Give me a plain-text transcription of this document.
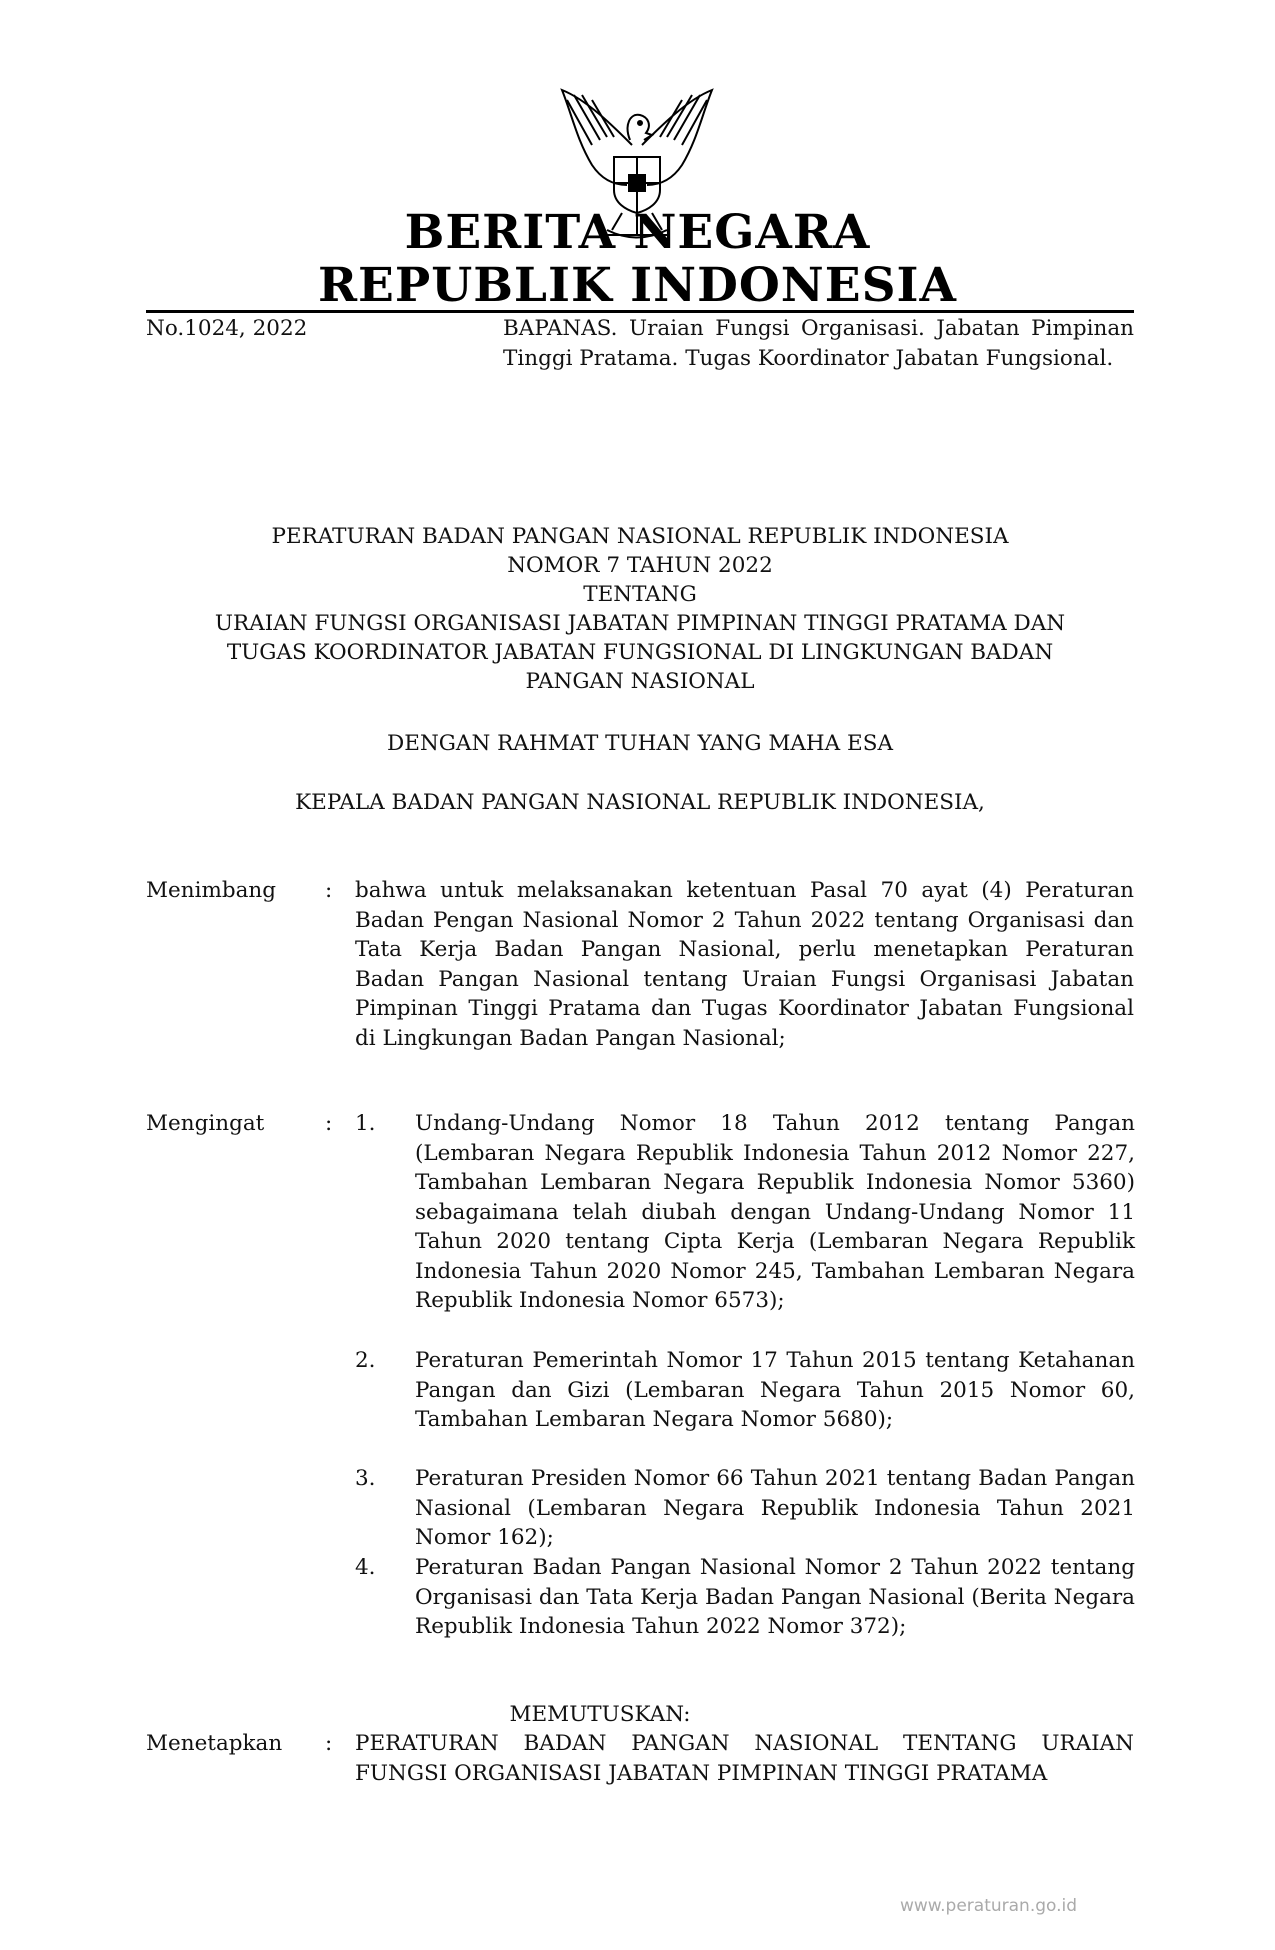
BERITA NEGARA
REPUBLIK INDONESIA
No.1024, 2022	BAPANAS. Uraian Fungsi Organisasi. Jabatan Pimpinan Tinggi Pratama. Tugas Koordinator Jabatan Fungsional.
PERATURAN BADAN PANGAN NASIONAL REPUBLIK INDONESIA
NOMOR 7 TAHUN 2022
TENTANG
URAIAN FUNGSI ORGANISASI JABATAN PIMPINAN TINGGI PRATAMA DAN
TUGAS KOORDINATOR JABATAN FUNGSIONAL DI LINGKUNGAN BADAN
PANGAN NASIONAL
DENGAN RAHMAT TUHAN YANG MAHA ESA
KEPALA BADAN PANGAN NASIONAL REPUBLIK INDONESIA,
Menimbang : bahwa untuk melaksanakan ketentuan Pasal 70 ayat (4) Peraturan Badan Pengan Nasional Nomor 2 Tahun 2022 tentang Organisasi dan Tata Kerja Badan Pangan Nasional, perlu menetapkan Peraturan Badan Pangan Nasional tentang Uraian Fungsi Organisasi Jabatan Pimpinan Tinggi Pratama dan Tugas Koordinator Jabatan Fungsional di Lingkungan Badan Pangan Nasional;
Mengingat	: 1.	Undang-Undang Nomor 18 Tahun 2012 tentang Pangan (Lembaran Negara Republik Indonesia Tahun 2012 Nomor 227, Tambahan Lembaran Negara Republik Indonesia Nomor 5360) sebagaimana telah diubah dengan Undang-Undang Nomor 11 Tahun 2020 tentang Cipta Kerja (Lembaran Negara Republik Indonesia Tahun 2020 Nomor 245, Tambahan Lembaran Negara Republik Indonesia Nomor 6573);
2.	Peraturan Pemerintah Nomor 17 Tahun 2015 tentang Ketahanan Pangan dan Gizi (Lembaran Negara Tahun 2015 Nomor 60, Tambahan Lembaran Negara Nomor 5680);
3.	Peraturan Presiden Nomor 66 Tahun 2021 tentang Badan Pangan Nasional (Lembaran Negara Republik Indonesia Tahun 2021 Nomor 162);
4.	Peraturan Badan Pangan Nasional Nomor 2 Tahun 2022 tentang Organisasi dan Tata Kerja Badan Pangan Nasional (Berita Negara Republik Indonesia Tahun 2022 Nomor 372);
MEMUTUSKAN:
Menetapkan : PERATURAN BADAN PANGAN NASIONAL TENTANG URAIAN FUNGSI ORGANISASI JABATAN PIMPINAN TINGGI PRATAMA
www.peraturan.go.id
